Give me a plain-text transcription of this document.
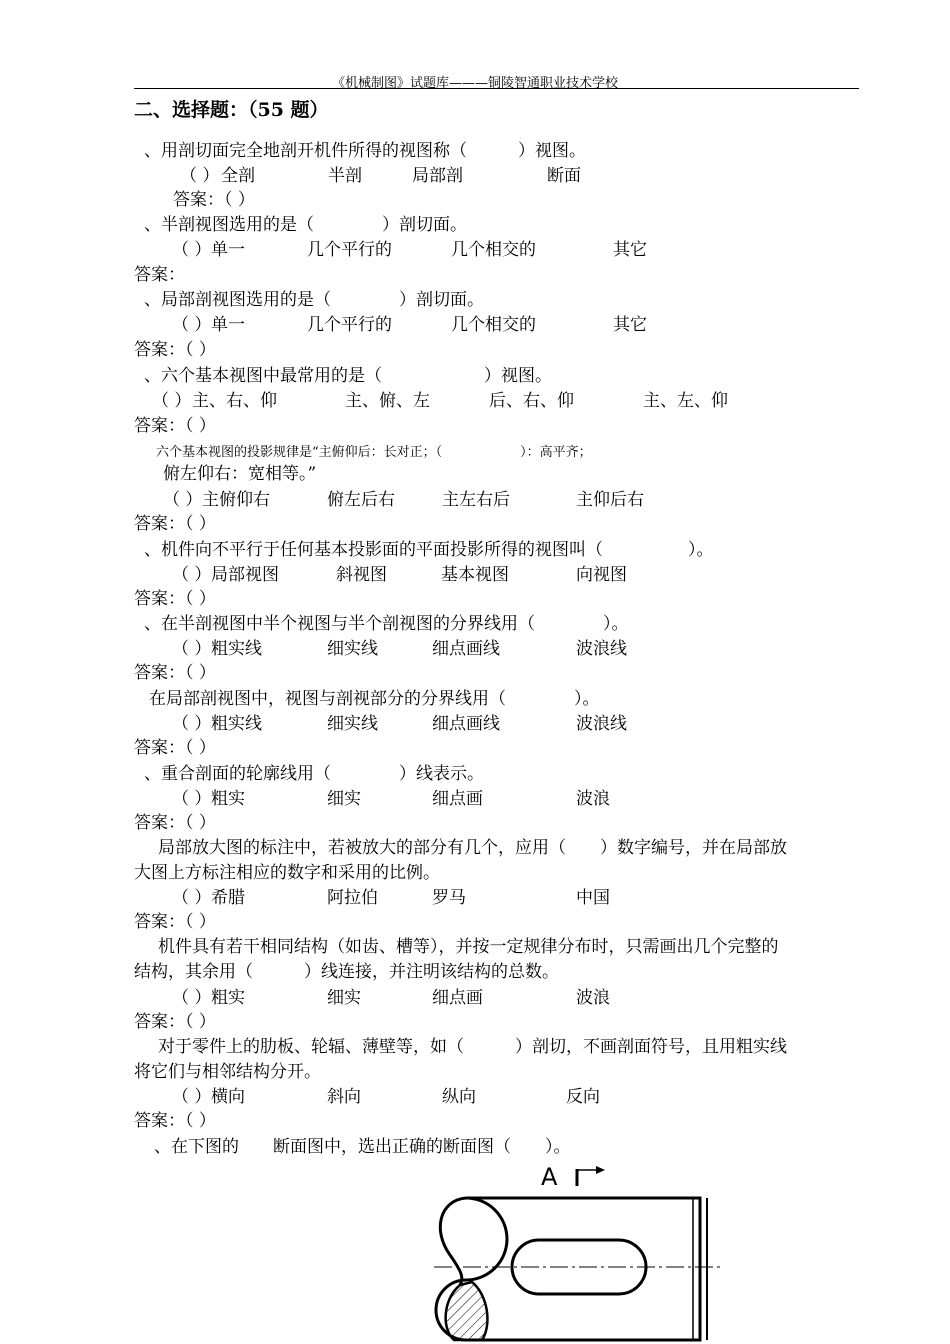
《机械制图》试题库———铜陵智通职业技术学校
二、选择题：（55 题）
、用剖切面完全地剖开机件所得的视图称（　　　）视图。
（ ） 全剖	半剖	局部剖	断面
答案：（ ）
、半剖视图选用的是（　　　　）剖切面。
（ ） 单一	几个平行的	几个相交的	其它
答案：
、局部剖视图选用的是（　　　　）剖切面。
（ ） 单一	几个平行的	几个相交的	其它
答案：（ ）
、六个基本视图中最常用的是（　　　　　　）视图。
（ ） 主、右、仰	主、俯、左	后、右、仰	主、左、仰
答案：（ ）
六个基本视图的投影规律是“主俯仰后：长对正；（　　　　　　）：高平齐；
俯左仰右：宽相等。”
（ ） 主俯仰右	俯左后右	主左右后	主仰后右
答案：（ ）
、机件向不平行于任何基本投影面的平面投影所得的视图叫（　　　　　）。
（ ） 局部视图	斜视图	基本视图	向视图
答案：（ ）
、在半剖视图中半个视图与半个剖视图的分界线用（　　　　）。
（ ） 粗实线	细实线	细点画线	波浪线
答案：（ ）
在局部剖视图中，视图与剖视部分的分界线用（　　　　）。
（ ） 粗实线	细实线	细点画线	波浪线
答案：（ ）
、重合剖面的轮廓线用（　　　　）线表示。
（ ） 粗实	细实	细点画	波浪
答案：（ ）
局部放大图的标注中，若被放大的部分有几个，应用（　　）数字编号，并在局部放
大图上方标注相应的数字和采用的比例。
（ ） 希腊	阿拉伯	罗马	中国
答案：（ ）
机件具有若干相同结构（如齿、槽等），并按一定规律分布时，只需画出几个完整的
结构，其余用（　　　）线连接，并注明该结构的总数。
（ ） 粗实	细实	细点画	波浪
答案：（ ）
对于零件上的肋板、轮辐、薄壁等，如（　　　）剖切，不画剖面符号，且用粗实线
将它们与相邻结构分开。
（ ） 横向	斜向	纵向	反向
答案：（ ）
、在下图的　　断面图中，选出正确的断面图（　　）。
A
